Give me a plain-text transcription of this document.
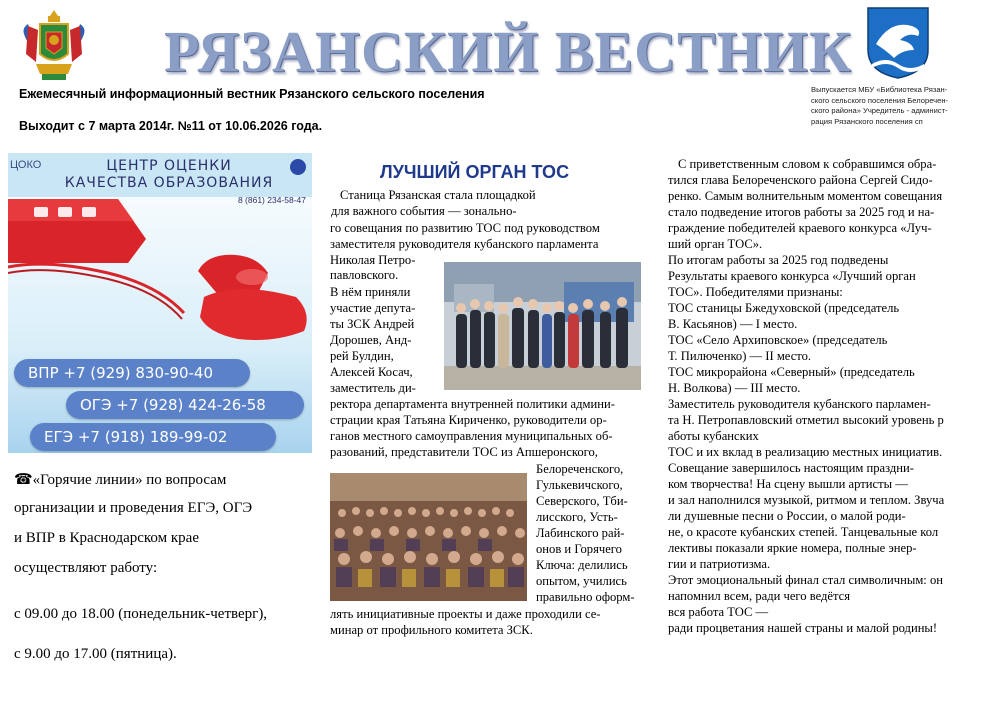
РЯЗАНСКИЙ ВЕСТНИК
Ежемесячный информационный вестник Рязанского сельского поселения
Выходит с 7 марта 2014г. №11 от 10.06.2026 года.
Выпускается МБУ «Библиотека Рязан-
ского сельского поселения Белоречен-
ского района» Учредитель - админист-
рация Рязанского поселения сп
ЦОКО	ЦЕНТР ОЦЕНКИ
КАЧЕСТВА ОБРАЗОВАНИЯ
8 (861) 234-58-47
ВПР +7 (929) 830-90-40
ОГЭ +7 (928) 424-26-58
ЕГЭ +7 (918) 189-99-02
☎«Горячие линии» по вопросам
организации и проведения ЕГЭ, ОГЭ
и ВПР в Краснодарском крае
осуществляют работу:
с 09.00 до 18.00 (понедельник-четверг),
с 9.00 до 17.00 (пятница).
ЛУЧШИЙ ОРГАН ТОС
Станица Рязанская стала площадкой
для важного события — зонально-
го совещания по развитию ТОС под руководством
заместителя руководителя кубанского парламента
Николая Петро-
павловского.
В нём приняли
участие депута-
ты ЗСК Андрей
Дорошев, Анд-
рей Булдин,
Алексей Косач,
заместитель ди-
ректора департамента внутренней политики админи-
страции края Татьяна Кириченко, руководители ор-
ганов местного самоуправления муниципальных об-
разований, представители ТОС из Апшеронского,
Белореченского,
Гулькевичского,
Северского, Тби-
лисского, Усть-
Лабинского рай-
онов и Горячего
Ключа: делились
опытом, учились
правильно оформ-
лять инициативные проекты и даже проходили се-
минар от профильного комитета ЗСК.
С приветственным словом к собравшимся обра-
тился глава Белореченского района Сергей Сидо-
ренко. Самым волнительным моментом совещания
стало подведение итогов работы за 2025 год и на-
граждение победителей краевого конкурса «Луч-
ший орган ТОС».
По итогам работы за 2025 год подведены
Результаты краевого конкурса «Лучший орган
ТОС». Победителями признаны:
ТОС станицы Бжедуховской (председатель
В. Касьянов) — I место.
ТОС «Село Архиповское» (председатель
Т. Пилюченко) — II место.
ТОС микрорайона «Северный» (председатель
Н. Волкова) — III место.
Заместитель руководителя кубанского парламен-
та Н. Петропавловский отметил высокий уровень р
аботы кубанских
ТОС и их вклад в реализацию местных инициатив.
Совещание завершилось настоящим праздни-
ком творчества! На сцену вышли артисты —
и зал наполнился музыкой, ритмом и теплом. Звуча
ли душевные песни о России, о малой роди-
не, о красоте кубанских степей. Танцевальные кол
лективы показали яркие номера, полные энер-
гии и патриотизма.
Этот эмоциональный финал стал символичным: он
напомнил всем, ради чего ведётся
вся работа ТОС —
ради процветания нашей страны и малой родины!
